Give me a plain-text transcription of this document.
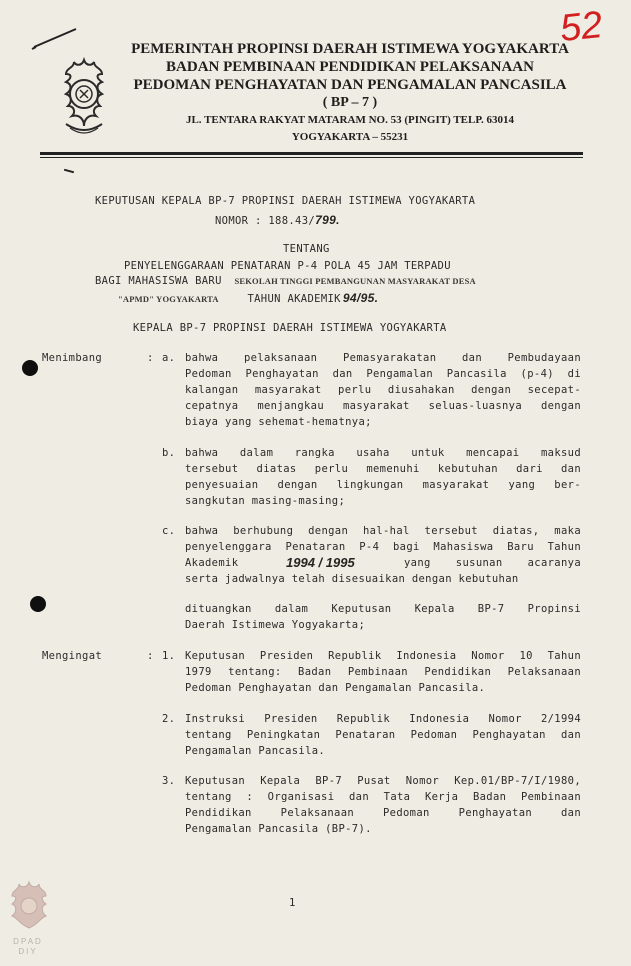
52
PEMERINTAH PROPINSI DAERAH ISTIMEWA YOGYAKARTA
BADAN PEMBINAAN PENDIDIKAN PELAKSANAAN
PEDOMAN PENGHAYATAN DAN PENGAMALAN PANCASILA
( BP – 7 )
JL. TENTARA RAKYAT MATARAM NO. 53 (PINGIT) TELP. 63014
YOGYAKARTA – 55231
KEPUTUSAN KEPALA BP-7 PROPINSI DAERAH ISTIMEWA YOGYAKARTA
NOMOR : 188.43/799.
TENTANG
PENYELENGGARAAN PENATARAN P-4 POLA 45 JAM TERPADU
BAGI MAHASISWA BARU SEKOLAH TINGGI PEMBANGUNAN MASYARAKAT DESA
"APMD" YOGYAKARTA	TAHUN AKADEMIK 94/95.
KEPALA BP-7 PROPINSI DAERAH ISTIMEWA YOGYAKARTA
Menimbang	: a. bahwa pelaksanaan Pemasyarakatan dan Pembudayaan
Pedoman Penghayatan dan Pengamalan Pancasila (p-4) di
kalangan masyarakat perlu diusahakan dengan secepat-
cepatnya menjangkau masyarakat seluas-luasnya dengan
biaya yang sehemat-hematnya;
b. bahwa dalam rangka usaha untuk mencapai maksud
tersebut diatas perlu memenuhi kebutuhan dari dan
penyesuaian dengan lingkungan masyarakat yang ber-
sangkutan masing-masing;
c. bahwa berhubung dengan hal-hal tersebut diatas, maka
penyelenggara Penataran P-4 bagi Mahasiswa Baru Tahun
Akademik	1994 / 1995	yang susunan acaranya
serta jadwalnya telah disesuaikan dengan kebutuhan
dituangkan dalam Keputusan Kepala BP-7 Propinsi
Daerah Istimewa Yogyakarta;
Mengingat	: 1. Keputusan Presiden Republik Indonesia Nomor 10 Tahun
1979 tentang: Badan Pembinaan Pendidikan Pelaksanaan
Pedoman Penghayatan dan Pengamalan Pancasila.
2. Instruksi Presiden Republik Indonesia Nomor 2/1994
tentang Peningkatan Penataran Pedoman Penghayatan dan
Pengamalan Pancasila.
3. Keputusan Kepala BP-7 Pusat Nomor Kep.01/BP-7/I/1980,
tentang : Organisasi dan Tata Kerja Badan Pembinaan
Pendidikan Pelaksanaan Pedoman Penghayatan dan
Pengamalan Pancasila (BP-7).
1
DPAD DIY
